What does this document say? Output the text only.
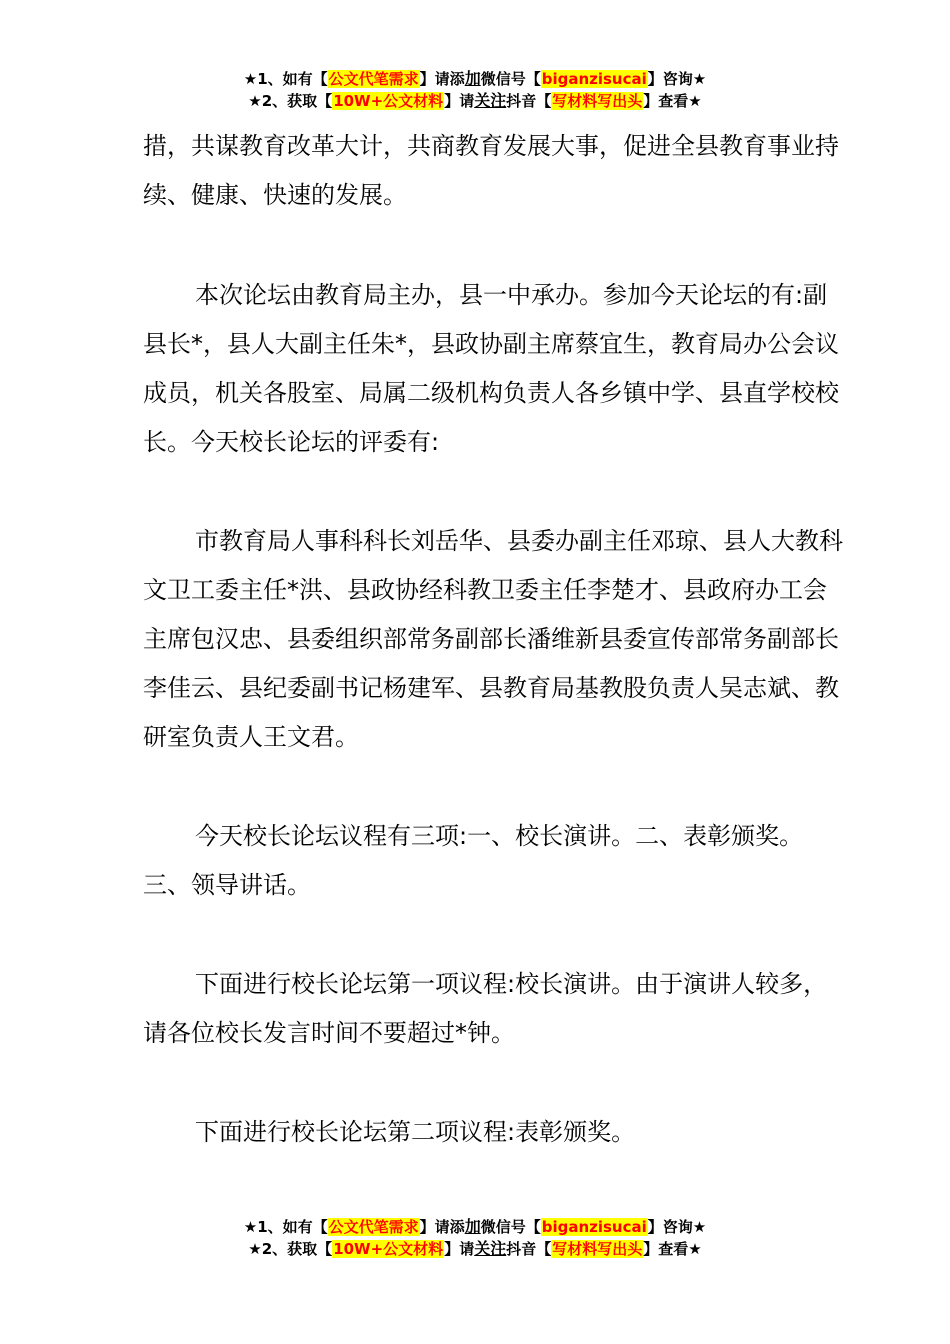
★1、如有【公文代笔需求】请添加微信号【biganzisucai】咨询★
★2、获取【10W+公文材料】请关注抖音【写材料写出头】查看★

措，共谋教育改革大计，共商教育发展大事，促进全县教育事业持续、健康、快速的发展。

本次论坛由教育局主办，县一中承办。参加今天论坛的有:副县长*，县人大副主任朱*，县政协副主席蔡宜生，教育局办公会议成员，机关各股室、局属二级机构负责人各乡镇中学、县直学校校长。今天校长论坛的评委有:

市教育局人事科科长刘岳华、县委办副主任邓琼、县人大教科文卫工委主任*洪、县政协经科教卫委主任李楚才、县政府办工会主席包汉忠、县委组织部常务副部长潘维新县委宣传部常务副部长李佳云、县纪委副书记杨建军、县教育局基教股负责人吴志斌、教研室负责人王文君。

今天校长论坛议程有三项:一、校长演讲。二、表彰颁奖。三、领导讲话。

下面进行校长论坛第一项议程:校长演讲。由于演讲人较多，请各位校长发言时间不要超过*钟。

下面进行校长论坛第二项议程:表彰颁奖。

★1、如有【公文代笔需求】请添加微信号【biganzisucai】咨询★
★2、获取【10W+公文材料】请关注抖音【写材料写出头】查看★
